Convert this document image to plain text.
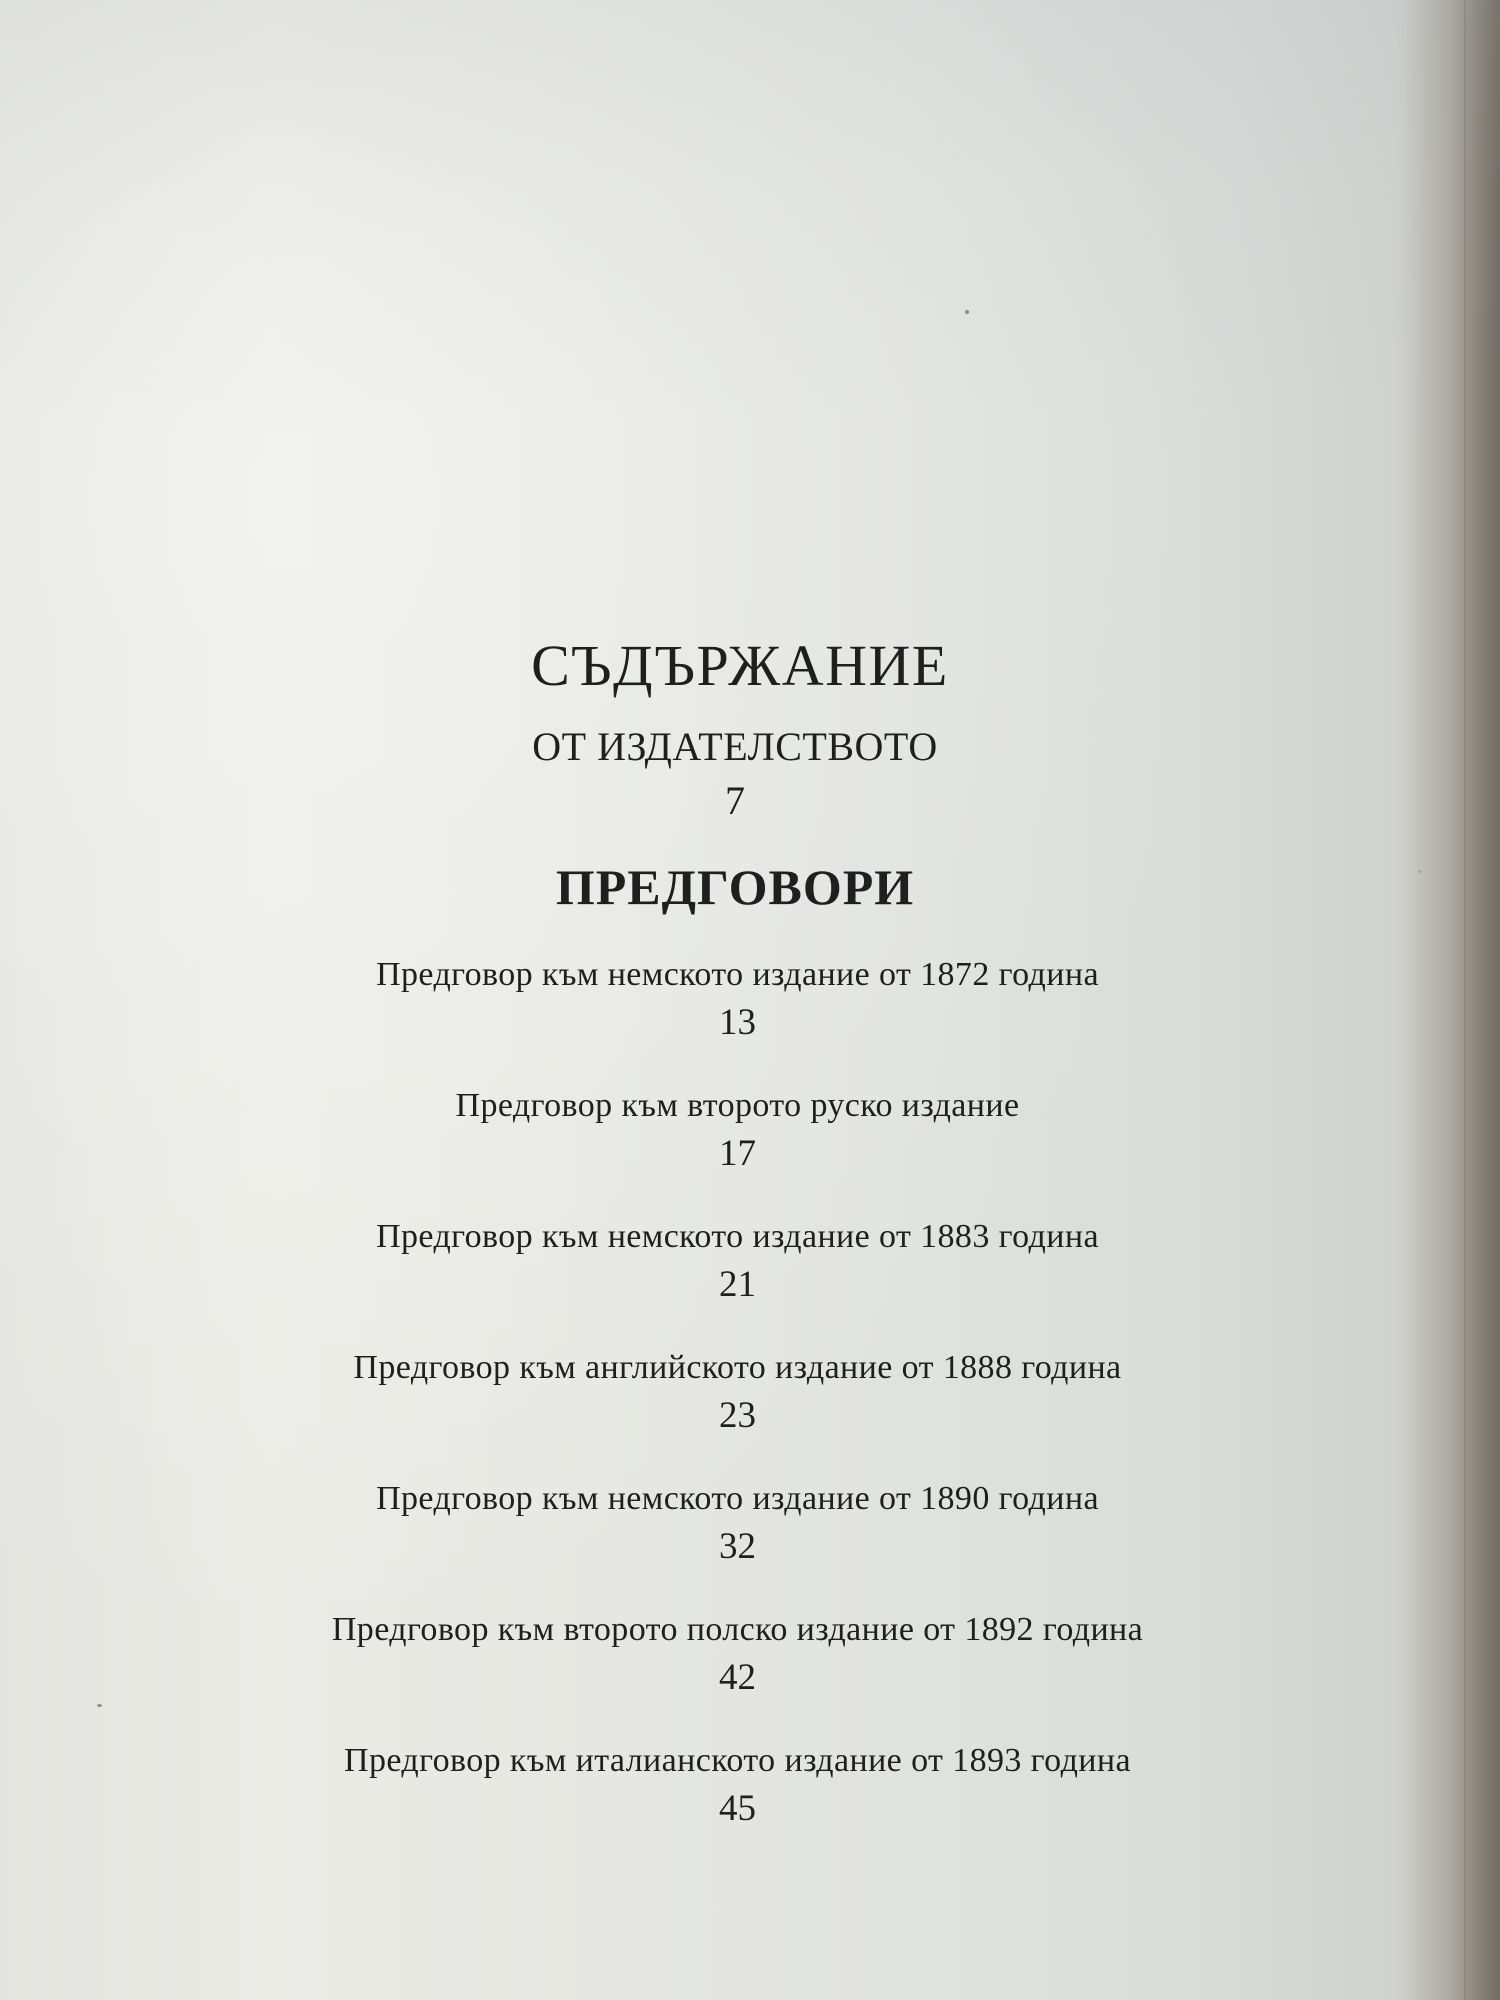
СЪДЪРЖАНИЕ
ОТ ИЗДАТЕЛСТВОТО
7
ПРЕДГОВОРИ
Предговор към немското издание от 1872 година
13
Предговор към второто руско издание
17
Предговор към немското издание от 1883 година
21
Предговор към английското издание от 1888 година
23
Предговор към немското издание от 1890 година
32
Предговор към второто полско издание от 1892 година
42
Предговор към италианското издание от 1893 година
45
